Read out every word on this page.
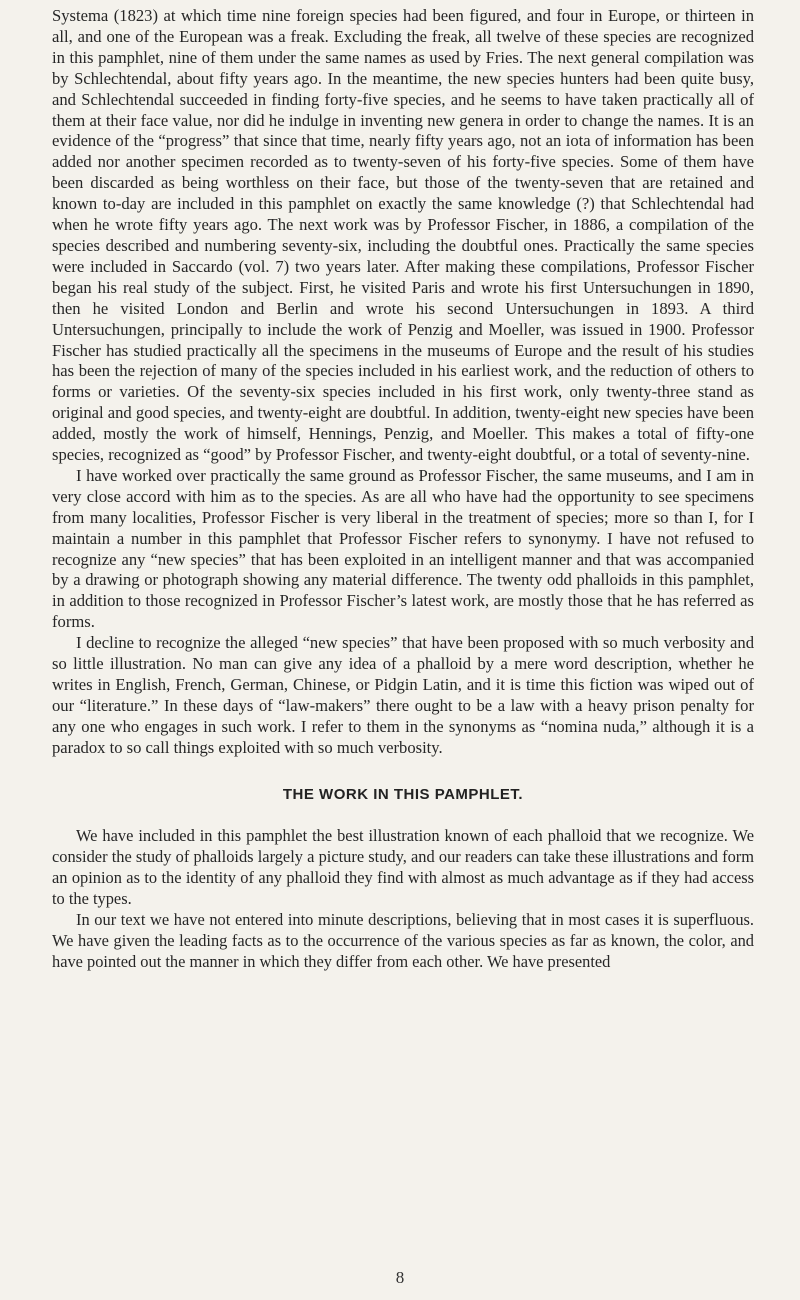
Systema (1823) at which time nine foreign species had been figured, and four in Europe, or thirteen in all, and one of the European was a freak. Excluding the freak, all twelve of these species are recognized in this pamphlet, nine of them under the same names as used by Fries. The next general compilation was by Schlechtendal, about fifty years ago. In the meantime, the new species hunters had been quite busy, and Schlechtendal succeeded in finding forty-five species, and he seems to have taken practically all of them at their face value, nor did he indulge in inventing new genera in order to change the names. It is an evidence of the “progress” that since that time, nearly fifty years ago, not an iota of information has been added nor another specimen recorded as to twenty-seven of his forty-five species. Some of them have been discarded as being worthless on their face, but those of the twenty-seven that are retained and known to-day are included in this pamphlet on exactly the same knowledge (?) that Schlechtendal had when he wrote fifty years ago. The next work was by Professor Fischer, in 1886, a compilation of the species described and numbering seventy-six, including the doubtful ones. Practically the same species were included in Saccardo (vol. 7) two years later. After making these compilations, Professor Fischer began his real study of the subject. First, he visited Paris and wrote his first Untersuchungen in 1890, then he visited London and Berlin and wrote his second Untersuchungen in 1893. A third Untersuchungen, principally to include the work of Penzig and Moeller, was issued in 1900. Professor Fischer has studied practically all the specimens in the museums of Europe and the result of his studies has been the rejection of many of the species included in his earliest work, and the reduction of others to forms or varieties. Of the seventy-six species included in his first work, only twenty-three stand as original and good species, and twenty-eight are doubtful. In addition, twenty-eight new species have been added, mostly the work of himself, Hennings, Penzig, and Moeller. This makes a total of fifty-one species, recognized as “good” by Professor Fischer, and twenty-eight doubtful, or a total of seventy-nine.

I have worked over practically the same ground as Professor Fischer, the same museums, and I am in very close accord with him as to the species. As are all who have had the opportunity to see specimens from many localities, Professor Fischer is very liberal in the treatment of species; more so than I, for I maintain a number in this pamphlet that Professor Fischer refers to synonymy. I have not refused to recognize any “new species” that has been exploited in an intelligent manner and that was accompanied by a drawing or photograph showing any material difference. The twenty odd phalloids in this pamphlet, in addition to those recognized in Professor Fischer’s latest work, are mostly those that he has referred as forms.

I decline to recognize the alleged “new species” that have been proposed with so much verbosity and so little illustration. No man can give any idea of a phalloid by a mere word description, whether he writes in English, French, German, Chinese, or Pidgin Latin, and it is time this fiction was wiped out of our “literature.” In these days of “law-makers” there ought to be a law with a heavy prison penalty for any one who engages in such work. I refer to them in the synonyms as “nomina nuda,” although it is a paradox to so call things exploited with so much verbosity.

THE WORK IN THIS PAMPHLET.

We have included in this pamphlet the best illustration known of each phalloid that we recognize. We consider the study of phalloids largely a picture study, and our readers can take these illustrations and form an opinion as to the identity of any phalloid they find with almost as much advantage as if they had access to the types.

In our text we have not entered into minute descriptions, believing that in most cases it is superfluous. We have given the leading facts as to the occurrence of the various species as far as known, the color, and have pointed out the manner in which they differ from each other. We have presented

8
